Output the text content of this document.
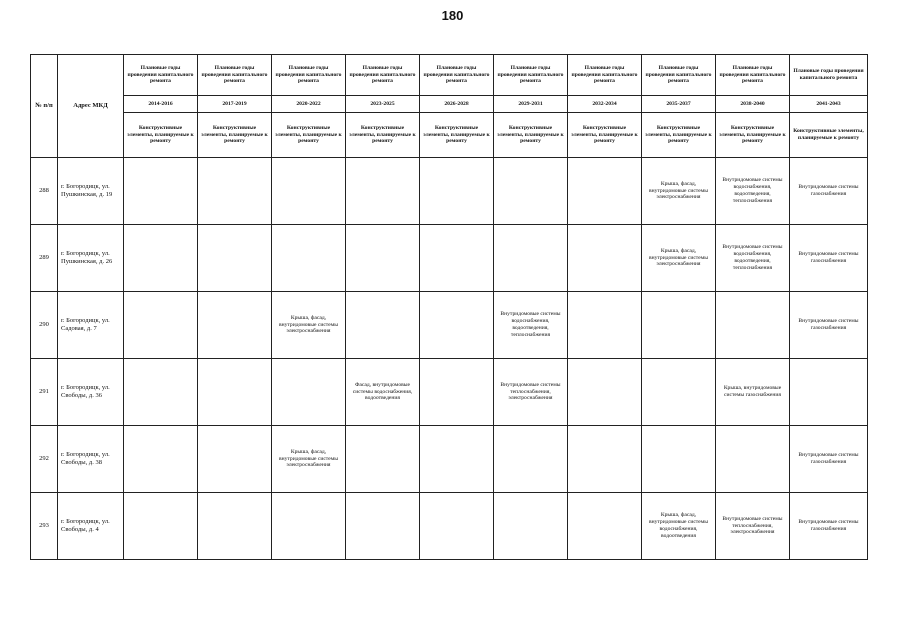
180
№ п/п	Адрес МКД	Плановые годы проведения капитального ремонта	Плановые годы проведения капитального ремонта	Плановые годы проведения капитального ремонта	Плановые годы проведения капитального ремонта	Плановые годы проведения капитального ремонта	Плановые годы проведения капитального ремонта	Плановые годы проведения капитального ремонта	Плановые годы проведения капитального ремонта	Плановые годы проведения капитального ремонта	Плановые годы проведения капитального ремонта
		2014-2016	2017-2019	2020-2022	2023-2025	2026-2028	2029-2031	2032-2034	2035-2037	2038-2040	2041-2043
		Конструктивные элементы, планируемые к ремонту	Конструктивные элементы, планируемые к ремонту	Конструктивные элементы, планируемые к ремонту	Конструктивные элементы, планируемые к ремонту	Конструктивные элементы, планируемые к ремонту	Конструктивные элементы, планируемые к ремонту	Конструктивные элементы, планируемые к ремонту	Конструктивные элементы, планируемые к ремонту	Конструктивные элементы, планируемые к ремонту	Конструктивные элементы, планируемые к ремонту
288	г. Богородицк, ул. Пушкинская, д. 19								Крыша, фасад, внутридомовые системы электроснабжения	Внутридомовые системы водоснабжения, водоотведения, теплоснабжения	Внутридомовые системы газоснабжения
289	г. Богородицк, ул. Пушкинская, д. 26								Крыша, фасад, внутридомовые системы электроснабжения	Внутридомовые системы водоснабжения, водоотведения, теплоснабжения	Внутридомовые системы газоснабжения
290	г. Богородицк, ул. Садовая, д. 7			Крыша, фасад, внутридомовые системы электроснабжения			Внутридомовые системы водоснабжения, водоотведения, теплоснабжения				Внутридомовые системы газоснабжения
291	г. Богородицк, ул. Свободы, д. 36				Фасад, внутридомовые системы водоснабжения, водоотведения		Внутридомовые системы теплоснабжения, электроснабжения			Крыша, внутридомовые системы газоснабжения	
292	г. Богородицк, ул. Свободы, д. 38			Крыша, фасад, внутридомовые системы электроснабжения							Внутридомовые системы газоснабжения
293	г. Богородицк, ул. Свободы, д. 4								Крыша, фасад, внутридомовые системы водоснабжения, водоотведения	Внутридомовые системы теплоснабжения, электроснабжения	Внутридомовые системы газоснабжения
